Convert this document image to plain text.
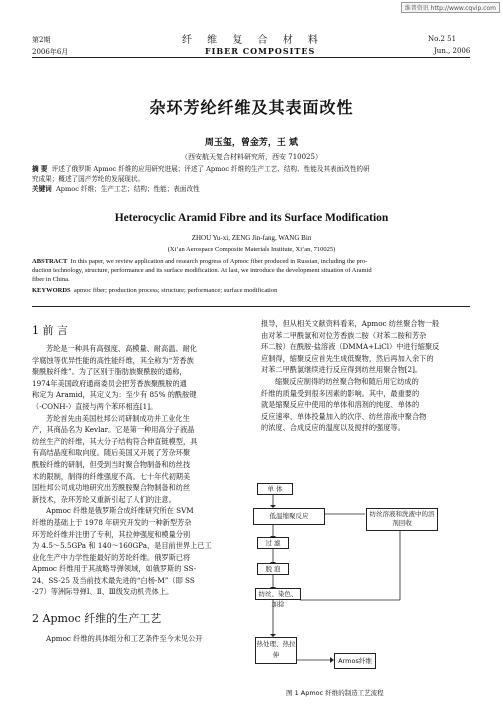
维普资讯 http://www.cqvip.com
第2期
2006年6月
纤 维 复 合 材 料
FIBER COMPOSITES
No.2 51
Jun., 2006
杂环芳纶纤维及其表面改性
周玉玺，曾金芳，王 斌
（西安航天复合材料研究所，西安 710025）
摘 要 评述了俄罗斯 Apmoc 纤维的应用研究进展；评述了 Apmoc 纤维的生产工艺、结构、性能及其表面改性的研
究成果；概述了国产芳纶的发展现状。
关键词 Apmoc 纤维；生产工艺；结构；性能；表面改性
Heterocyclic Aramid Fibre and its Surface Modification
ZHOU Yu-xi, ZENG Jin-fang, WANG Bin
(Xi’an Aerospace Composite Materials Institute, Xi’an, 710025)
ABSTRACT In this paper, we review application and research progress of Apmoc fiber produced in Russian, including the pro-
duction technology, structure, performance and its surface modification. At last, we introduce the development situation of Aramid
fiber in China.
KEYWORDS apmoc fiber; production process; structure; performance; surface modification
1 前 言
芳纶是一种具有高强度、高模量、耐高温、耐化
学腐蚀等优异性能的高性能纤维，其全称为“芳香族
聚酰胺纤维”。为了区别于脂肪族聚酰胺的通称，
1974年美国政府通商委员会把芳香族聚酰胺的通
称定为 Aramid，其定义为：至少有 85% 的酰胺键
（-CONH-）直接与两个苯环相连[1]。
芳纶首先由美国杜邦公司研制成功并工业化生
产，其商品名为 Kevlar。它是第一种用高分子液晶
纺丝生产的纤维，其大分子结构符合伸直链模型，具
有高结晶度和取向度。随后美国又开展了芳杂环聚
酰胺纤维的研制，但受到当时聚合物制备和纺丝技
术的限制，制得的纤维强度不高。七十年代初期美
国杜邦公司成功地研究出芳酰胺聚合物制备和纺丝
新技术，杂环芳纶又重新引起了人们的注意。
Apmoc 纤维是俄罗斯合成纤维研究所在 SVM
纤维的基础上于 1978 年研究开发的一种新型芳杂
环芳纶纤维并注册了专利，其拉伸强度和模量分别
为 4.5～5.5GPa 和 140～160GPa，是目前世界上已工
业化生产中力学性能最好的芳纶纤维。俄罗斯已将
Apmoc 纤维用于其战略导弹领域，如俄罗斯的 SS-
24、SS-25 及当前技术最先进的“白杨-M”（即 SS
-27）等洲际导弹Ⅰ、Ⅱ、Ⅲ级发动机壳体上。
2 Apmoc 纤维的生产工艺
Apmoc 纤维的具体组分和工艺条件至今未见公开
报导，但从相关文献资料看来，Apmoc 纺丝聚合物一般
由对苯二甲酰氯和对位芳香族二胺（对苯二胺和芳杂
环二胺）在酰胺-盐溶液（DMMA+LiCl）中进行缩聚反
应制得，缩聚反应首先生成低聚物，然后再加入余下的
对苯二甲酰氯继续进行反应得到纺丝用聚合物[2]。
缩聚反应制得的纺丝聚合物和随后用它纺成的
纤维的质量受到很多因素的影响。其中，最重要的
就是缩聚反应中使用的单体和溶剂的纯度、单体的
反应速率、单体投量加入的次序、纺丝溶液中聚合物
的浓度、合成反应的温度以及搅拌的强度等。
单 体
低温缩聚反应	纺丝溶液和洗液中的溶剂回收
过 滤
脱 泡
纺丝、染色、加捻
热处理、热拉伸
Armos纤维
图 1 Apmoc 纤维的制造工艺流程
